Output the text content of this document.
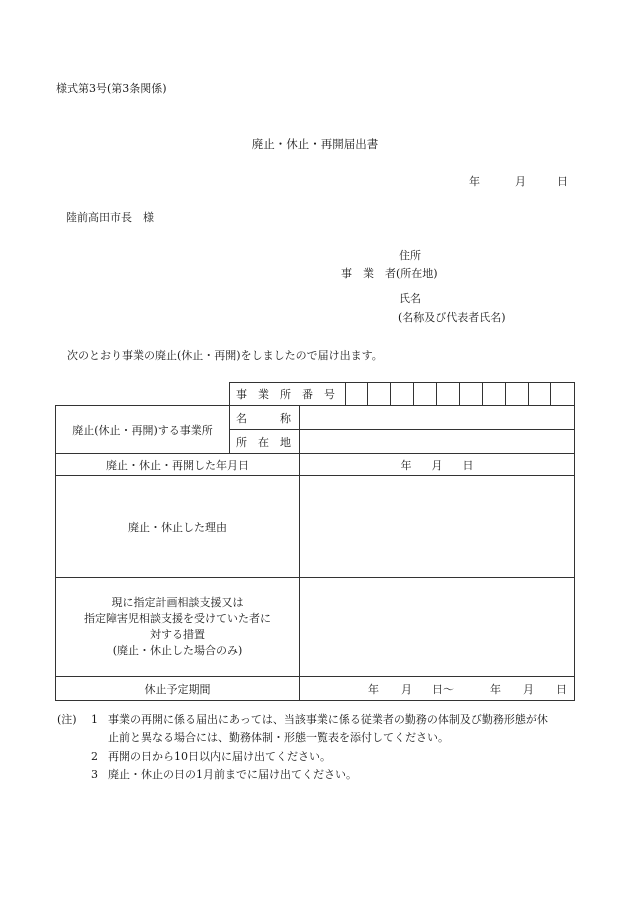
様式第3号(第3条関係)
廃止・休止・再開届出書
年	月	日
陸前高田市長　様
住所
事　業　者(所在地)
氏名
(名称及び代表者氏名)
次のとおり事業の廃止(休止・再開)をしましたので届け出ます。
	事　業　所　番　号											
廃止(休止・再開)する事業所	名　　　称											
	所　在　地											
廃止・休止・再開した年月日		年 月 日										
廃止・休止した理由												

現に指定計画相談支援又は
指定障害児相談支援を受けていた者に
対する措置
(廃止・休止した場合のみ)												

休止予定期間		年 月 日〜 年 月 日										
(注) 1 事業の再開に係る届出にあっては、当該事業に係る従業者の勤務の体制及び勤務形態が休
止前と異なる場合には、勤務体制・形態一覧表を添付してください。
2 再開の日から10日以内に届け出てください。
3 廃止・休止の日の1月前までに届け出てください。
